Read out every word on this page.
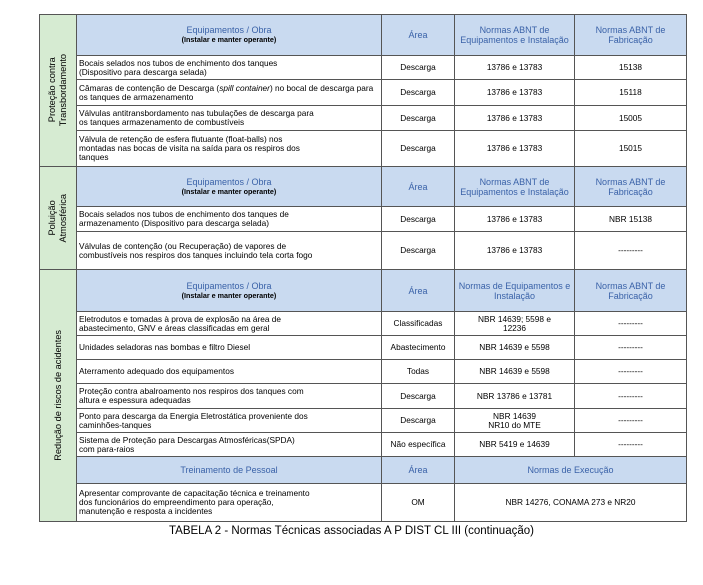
Proteção contra Transbordamento	Equipamentos / Obra
(Instalar e manter operante)	Área	Normas ABNT de Equipamentos e Instalação	Normas ABNT de Fabricação

	Bocais selados nos tubos de enchimento dos tanques
(Dispositivo para descarga selada)	Descarga	13786 e 13783	15138
	Câmaras de contenção de Descarga (spill container) no bocal de descarga para os tanques de armazenamento	Descarga	13786 e 13783	15118

	Válvulas antitransbordamento nas tubulações de descarga para
os tanques armazenamento de combustíveis	Descarga	13786 e 13783	15005

	Válvula de retenção de esfera flutuante (float-balls) nos
montadas nas bocas de visita na saída para os respiros dos
tanques	Descarga	13786 e 13783	15015

Poluição Atmosférica	Equipamentos / Obra
(Instalar e manter operante)	Área	Normas ABNT de Equipamentos e Instalação	Normas ABNT de Fabricação

	Bocais selados nos tubos de enchimento dos tanques de
armazenamento (Dispositivo para descarga selada)	Descarga	13786 e 13783	NBR 15138

	Válvulas de contenção (ou Recuperação) de vapores de
combustíveis nos respiros dos tanques incluindo tela corta fogo	Descarga	13786 e 13783	---------

Redução de riscos de acidentes	Equipamentos / Obra
(Instalar e manter operante)	Área	Normas de Equipamentos e Instalação	Normas ABNT de Fabricação

	Eletrodutos e tomadas à prova de explosão na área de
abastecimento, GNV e áreas classificadas em geral	Classificadas	NBR 14639; 5598 e
12236	---------
	Unidades seladoras nas bombas e filtro Diesel	Abastecimento	NBR 14639 e 5598	---------
	Aterramento adequado dos equipamentos	Todas	NBR 14639 e 5598	---------

	Proteção contra abalroamento nos respiros dos tanques com
altura e espessura adequadas	Descarga	NBR 13786 e 13781	---------

	Ponto para descarga da Energia Eletrostática proveniente dos
caminhões-tanques	Descarga	NBR 14639
NR10 do MTE	---------

	Sistema de Proteção para Descargas Atmosféricas(SPDA)
com para-raios	Não específica	NBR 5419 e 14639	---------
	Treinamento de Pessoal	Área	Normas de Execução	

	Apresentar comprovante de capacitação técnica e treinamento
dos funcionários do empreendimento para operação,
manutenção e resposta a incidentes	OM	NBR 14276, CONAMA 273 e NR20	
TABELA 2 - Normas Técnicas associadas A P DIST CL III (continuação)
